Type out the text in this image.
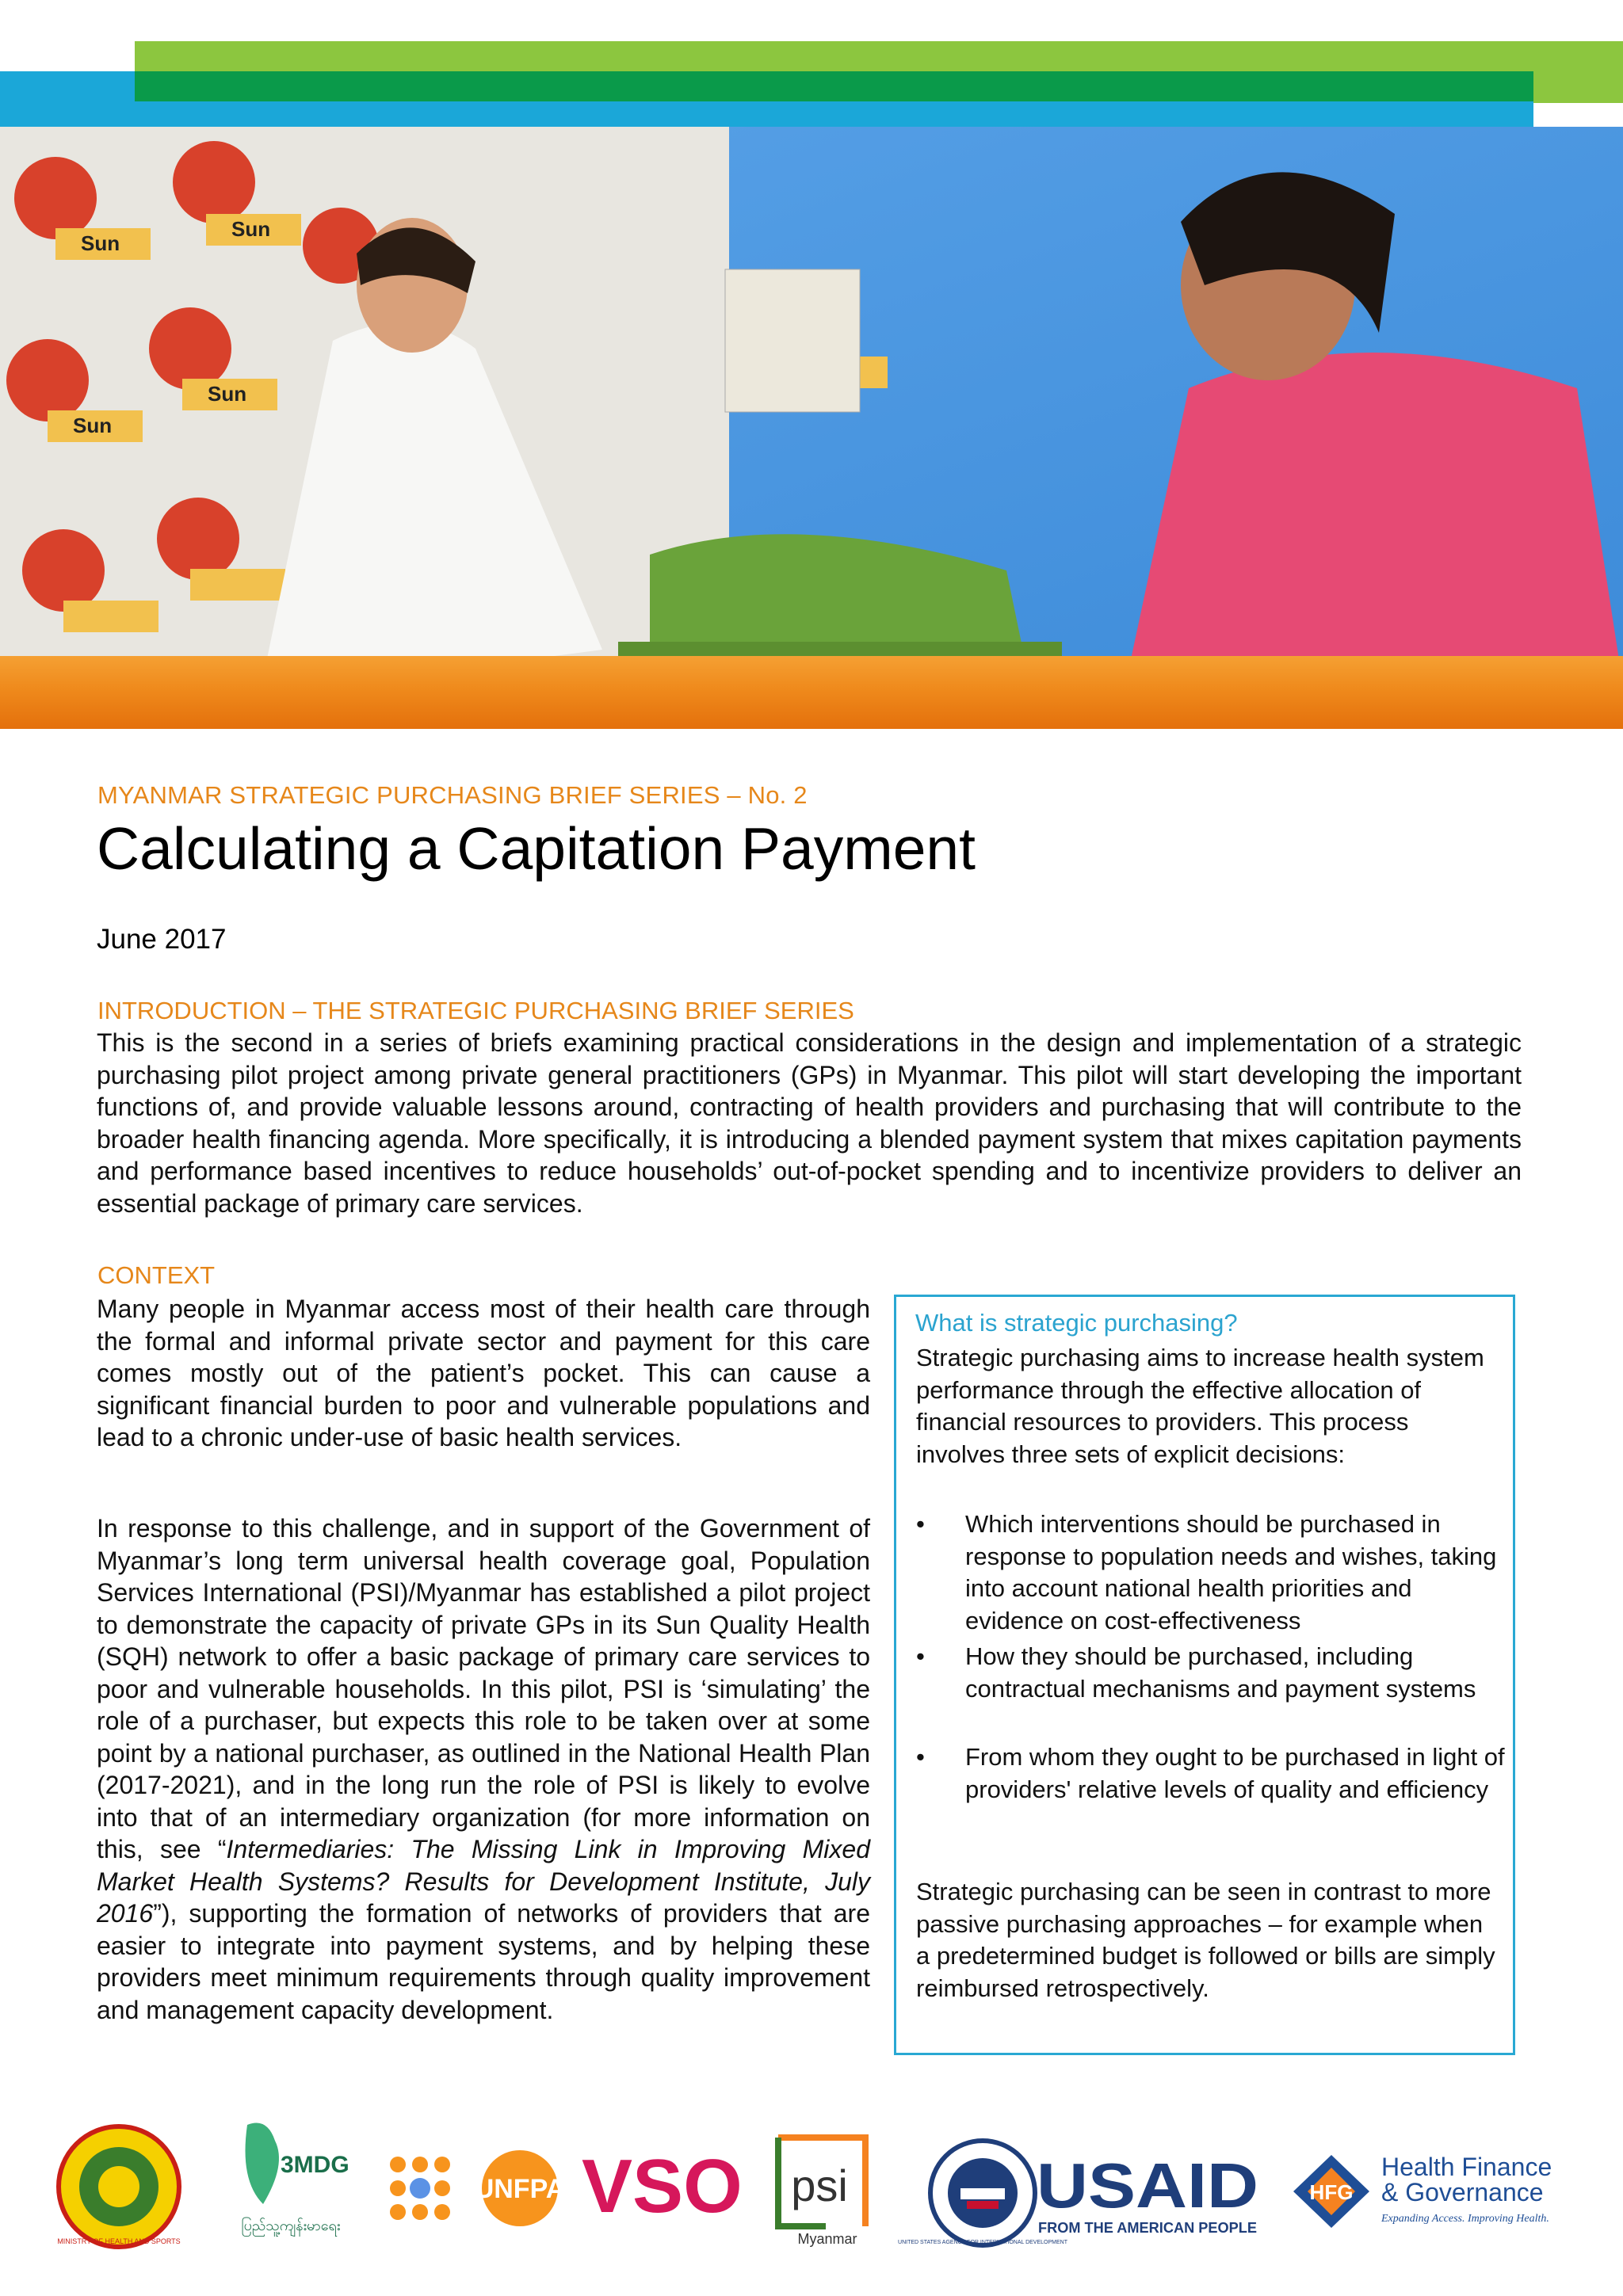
Sun
Sun
Sun
Sun
MYANMAR STRATEGIC PURCHASING BRIEF SERIES – No. 2
Calculating a Capitation Payment
June 2017
INTRODUCTION – THE STRATEGIC PURCHASING BRIEF SERIES
This is the second in a series of briefs examining practical considerations in the design and implementation of a strategic purchasing pilot project among private general practitioners (GPs) in Myanmar. This pilot will start developing the important functions of, and provide valuable lessons around, contracting of health providers and purchasing that will contribute to the broader health financing agenda. More specifically, it is introducing a blended payment system that mixes capitation payments and performance based incentives to reduce households’ out-of-pocket spending and to incentivize providers to deliver an essential package of primary care services.
CONTEXT
Many people in Myanmar access most of their health care through the formal and informal private sector and payment for this care comes mostly out of the patient’s pocket. This can cause a significant financial burden to poor and vulnerable populations and lead to a chronic under-use of basic health services.
In response to this challenge, and in support of the Government of Myanmar’s long term universal health coverage goal, Population Services International (PSI)/Myanmar has established a pilot project to demonstrate the capacity of private GPs in its Sun Quality Health (SQH) network to offer a basic package of primary care services to poor and vulnerable households. In this pilot, PSI is ‘simulating’ the role of a purchaser, but expects this role to be taken over at some point by a national purchaser, as outlined in the National Health Plan (2017-2021), and in the long run the role of PSI is likely to evolve into that of an intermediary organization (for more information on this, see “Intermediaries: The Missing Link in Improving Mixed Market Health Systems? Results for Development Institute, July 2016”), supporting the formation of networks of providers that are easier to integrate into payment systems, and by helping these providers meet minimum requirements through quality improvement and management capacity development.
What is strategic purchasing?
Strategic purchasing aims to increase health system performance through the effective allocation of financial resources to providers. This process involves three sets of explicit decisions:
•	Which interventions should be purchased in response to population needs and wishes, taking into account national health priorities and evidence on cost-effectiveness
•	How they should be purchased, including contractual mechanisms and payment systems
•	From whom they ought to be purchased in light of providers' relative levels of quality and efficiency
Strategic purchasing can be seen in contrast to more passive purchasing approaches – for example when a predetermined budget is followed or bills are simply reimbursed retrospectively.
MINISTRY OF HEALTH AND SPORTS
3MDG
ပြည်သူ့ကျန်းမာရေး
UNFPA VSO psi
Myanmar	UNITED STATES AGENCY FOR INTERNATIONAL DEVELOPMENT
USAID
FROM THE AMERICAN PEOPLE
HFG
Health Finance
& Governance
Expanding Access. Improving Health.
